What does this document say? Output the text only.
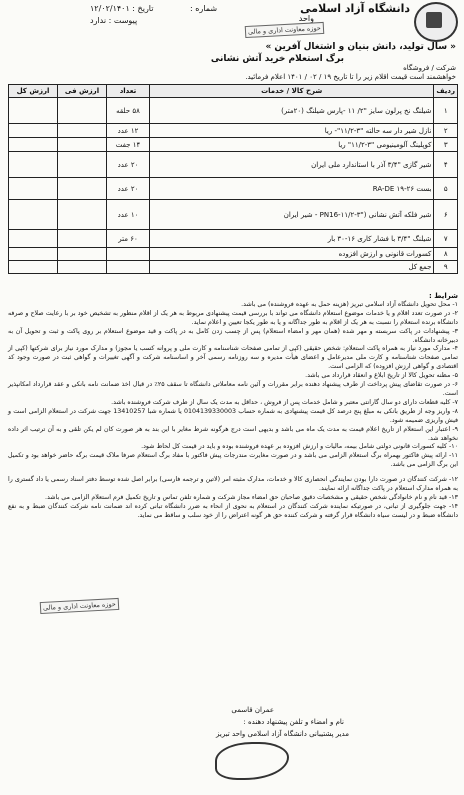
دانشگاه آزاد اسلامی
واحد
حوزه معاونت اداری و مالی
تاریخ : ۱۲/۰۲/۱۴۰۱
پیوست : ندارد
شماره :
« سال تولید، دانش بنیان و اشتغال آفرین »
برگ استعلام خرید آتش نشانی
شرکت / فروشگاه
خواهشمند است قیمت اقلام زیر را تا تاریخ ۱۹ / ۰۲ / ۱۴۰۱ اعلام فرمائید.
ردیف	شرح کالا / خدمات	تعداد	ارزش فی	ارزش کل
۱	شیلنگ نخ پرلون سایز "۲/ ۱۱ -پارس شیلنگ (۲۰متر)	۵۸ حلقه		
۲	نازل شیر دار سه حالته "۳-۱۱/۲"- ریا	۱۲ عدد		
۳	کوپلینگ آلومینیومی "۳-۱۱/۲" ریا	۱۴ جفت		
۴	شیر گازی "۳/۴ آذر با استاندارد ملی ایران	۲۰ عدد		
۵	بست RA-DE ۱۹-۲۶	۲۰ عدد		
۶	شیر فلکه آتش نشانی ("۳-۱۱/۲-PN16 - شیر ایران	۱۰ عدد		
۷	شیلنگ "۳/۴ با فشار کاری ۱۶-۳۰ بار	۶۰ متر		
۸	کسورات قانونی و ارزش افزوده			
۹	جمع کل			

شرایط :

۱- محل تحویل دانشگاه آزاد اسلامی تبریز (هزینه حمل به عهده فروشنده) می باشد.

۲- در صورت تعدد اقلام و یا خدمات موضوع استعلام دانشگاه می تواند با بررسی قیمت پیشنهادی مربوط به هر یک از اقلام منظور به تشخیص خود بر با رعایت صلاح و صرفه دانشگاه برنده استعلام را نسبت به هر یک از اقلام به طور جداگانه و یا به طور یکجا تعیین و اعلام نماید.

۳- پیشنهادات در پاکت سربسته و مهر شده (همان مهر و امضاء استعلام) پس از چسب زدن کامل به در پاکت و قید موضوع استعلام بر روی پاکت و ثبت و تحویل آن به دبیرخانه دانشگاه.

۴- مدارک مورد نیاز به همراه پاکت استعلام: شخص حقیقی (کپی از تمامی صفحات شناسنامه و کارت ملی و پروانه کسب یا مجوز) و مدارک مورد نیاز برای شرکتها (کپی از تمامی صفحات شناسنامه و کارت ملی مدیرعامل و اعضای هیأت مدیره و سه روزنامه رسمی آخر و اساسنامه شرکت و آگهی تغییرات و گواهی ثبت در صورت وجود کد اقتصادی و گواهی ارزش افزوده) که الزامی است.

۵- مظنه تحویل کالا از تاریخ ابلاغ و انعقاد قرارداد می باشد.

۶- در صورت تقاضای پیش پرداخت از طرف پیشنهاد دهنده برابر مقررات و آئین نامه معاملاتی دانشگاه تا سقف ۲۵٪ در قبال اخذ ضمانت نامه بانکی و عقد قرارداد امکانپذیر است.

۷- کلیه قطعات دارای دو سال گارانتی معتبر و شامل خدمات پس از فروش ، حداقل به مدت یک سال از طرف شرکت فروشنده باشد.

۸- واریز وجه از طریق بانکی به مبلغ پنج درصد کل قیمت پیشنهادی به شماره حساب 0104139330003 یا شماره شبا 13410257 جهت شرکت در استعلام الزامی است و فیش واریزی ضمیمه شود.

۹- اعتبار این استعلام از تاریخ اعلام قیمت به مدت یک ماه می باشد و بدیهی است درج هرگونه شرط مغایر با این بند به هر صورت کان لم یکن تلقی و به آن ترتیب اثر داده نخواهد شد.

۱۰- کلیه کسورات قانونی دولتی شامل بیمه، مالیات و ارزش افزوده بر عهده فروشنده بوده و باید در قیمت کل لحاظ شود.

۱۱- ارائه پیش فاکتور بهمراه برگ استعلام الزامی می باشد و در صورت مغایرت مندرجات پیش فاکتور با مفاد برگ استعلام صرفا ملاک قیمت برگه حاضر خواهد بود و تکمیل این برگ الزامی می باشد.

۱۲- شرکت کنندگان در صورت دارا بودن نمایندگی انحصاری کالا و خدمات، مدارک مثبته امر (لاتین و ترجمه فارسی) برابر اصل شده توسط دفتر اسناد رسمی یا داد گستری را به همراه مدارک استعلام در پاکت جداگانه ارائه نمایند.

۱۳- قید نام و نام خانوادگی شخص حقیقی و مشخصات دقیق صاحبان حق امضاء مجاز شرکت و شماره تلفن تماس و تاریخ تکمیل فرم استعلام الزامی می باشد.

۱۴- جهت جلوگیری از تبانی، در صورتیکه نماینده شرکت کنندگان در استعلام به نحوی از انحاء به ضرر دانشگاه تبانی کرده اند ضمانت نامه شرکت کنندگان ضبط و به نفع دانشگاه ضبط و در لیست سیاه دانشگاه قرار گرفته و شرکت کننده حق هر گونه اعتراض را از خود سلب و ساقط می نماید.

حوزه معاونت اداری و مالی
عمران قاسمی
نام و امضاء و تلفن پیشنهاد دهنده :
مدیر پشتیبانی دانشگاه آزاد اسلامی واحد تبریز
